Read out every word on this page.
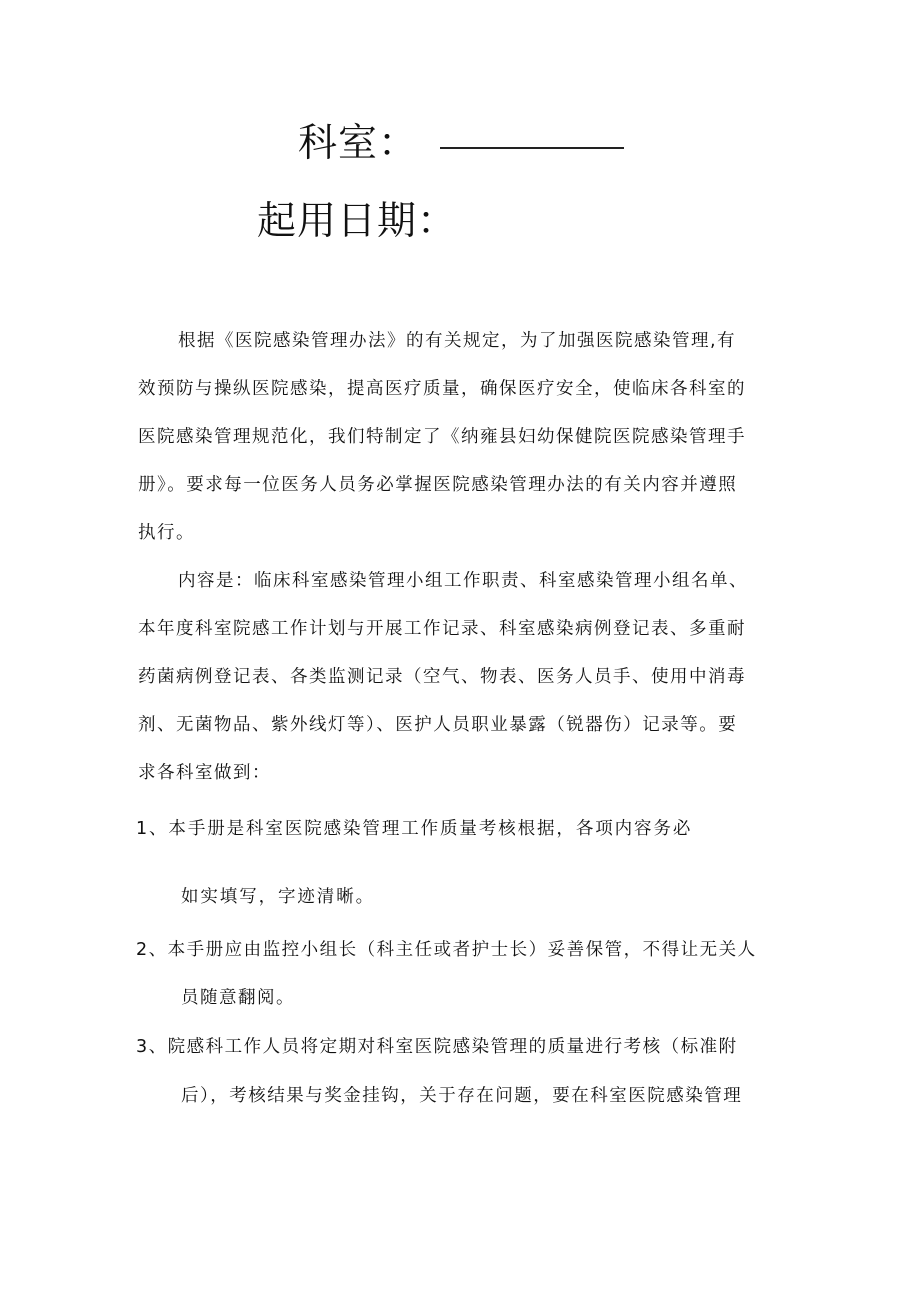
科室：
起用日期：
根据《医院感染管理办法》的有关规定，为了加强医院感染管理,有
效预防与操纵医院感染，提高医疗质量，确保医疗安全，使临床各科室的
医院感染管理规范化，我们特制定了《纳雍县妇幼保健院医院感染管理手
册》。要求每一位医务人员务必掌握医院感染管理办法的有关内容并遵照
执行。
内容是：临床科室感染管理小组工作职责、科室感染管理小组名单、
本年度科室院感工作计划与开展工作记录、科室感染病例登记表、多重耐
药菌病例登记表、各类监测记录（空气、物表、医务人员手、使用中消毒
剂、无菌物品、紫外线灯等）、医护人员职业暴露（锐器伤）记录等。要
求各科室做到：
1、本手册是科室医院感染管理工作质量考核根据，各项内容务必
如实填写，字迹清晰。
2、本手册应由监控小组长（科主任或者护士长）妥善保管，不得让无关人
员随意翻阅。
3、院感科工作人员将定期对科室医院感染管理的质量进行考核（标准附
后），考核结果与奖金挂钩，关于存在问题，要在科室医院感染管理
